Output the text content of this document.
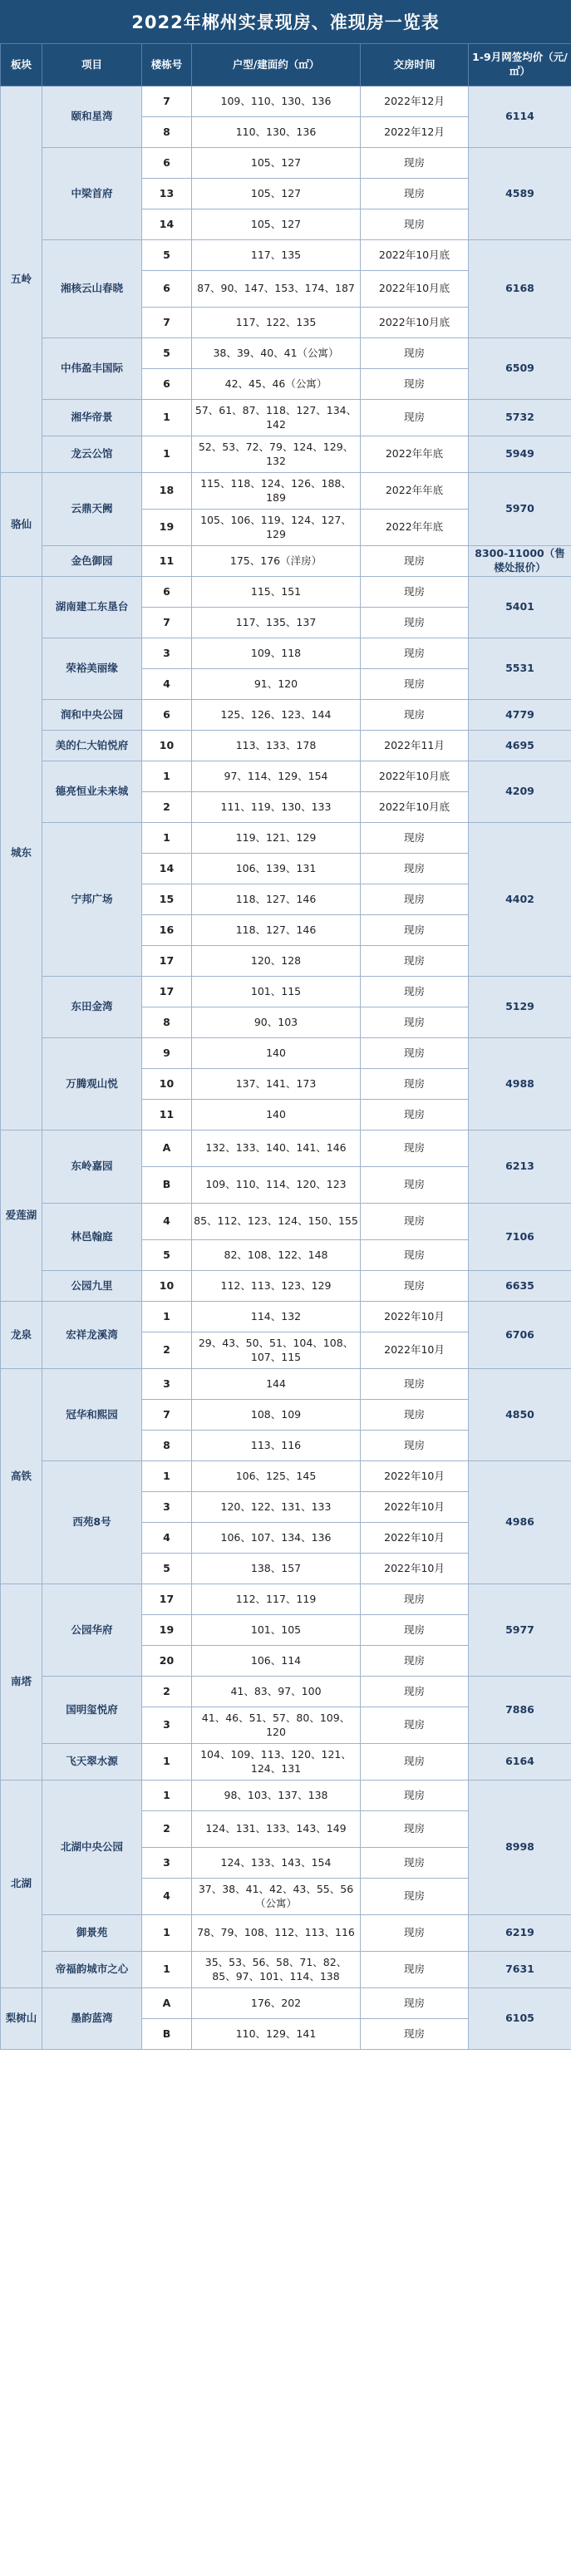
2022年郴州实景现房、准现房一览表
板块	项目	楼栋号	户型/建面约（㎡）	交房时间	1-9月网签均价（元/㎡）
五岭	颐和星湾	7	109、110、130、136	2022年12月	6114
		8	110、130、136	2022年12月	
	中梁首府	6	105、127	现房	4589
		13	105、127	现房	
		14	105、127	现房	
	湘核云山春晓	5	117、135	2022年10月底	6168
		6	87、90、147、153、174、187	2022年10月底	
		7	117、122、135	2022年10月底	
	中伟盈丰国际	5	38、39、40、41（公寓）	现房	6509
		6	42、45、46（公寓）	现房	
	湘华帝景	1	57、61、87、118、127、134、142	现房	5732
	龙云公馆	1	52、53、72、79、124、129、132	2022年年底	5949
骆仙	云鼎天阙	18	115、118、124、126、188、189	2022年年底	5970
		19	105、106、119、124、127、129	2022年年底	
	金色御园	11	175、176（洋房）	现房	8300-11000（售楼处报价）
城东	湖南建工东垦台	6	115、151	现房	5401
		7	117、135、137	现房	
	荣裕美丽缘	3	109、118	现房	5531
		4	91、120	现房	
	润和中央公园	6	125、126、123、144	现房	4779
	美的仁大铂悦府	10	113、133、178	2022年11月	4695
	德亮恒业未来城	1	97、114、129、154	2022年10月底	4209
		2	111、119、130、133	2022年10月底	
	宁邦广场	1	119、121、129	现房	4402
		14	106、139、131	现房	
		15	118、127、146	现房	
		16	118、127、146	现房	
		17	120、128	现房	
	东田金湾	17	101、115	现房	5129
		8	90、103	现房	
	万腾观山悦	9	140	现房	4988
		10	137、141、173	现房	
		11	140	现房	
爱莲湖	东岭嘉园	A	132、133、140、141、146	现房	6213
		B	109、110、114、120、123	现房	
	林邑翰庭	4	85、112、123、124、150、155	现房	7106
		5	82、108、122、148	现房	
	公园九里	10	112、113、123、129	现房	6635
龙泉	宏祥龙溪湾	1	114、132	2022年10月	6706
		2	29、43、50、51、104、108、107、115	2022年10月	
高铁	冠华和熙园	3	144	现房	4850
		7	108、109	现房	
		8	113、116	现房	
	西苑8号	1	106、125、145	2022年10月	4986
		3	120、122、131、133	2022年10月	
		4	106、107、134、136	2022年10月	
		5	138、157	2022年10月	
南塔	公园华府	17	112、117、119	现房	5977
		19	101、105	现房	
		20	106、114	现房	
	国明玺悦府	2	41、83、97、100	现房	7886
		3	41、46、51、57、80、109、120	现房	
	飞天翠水源	1	104、109、113、120、121、124、131	现房	6164
北湖	北湖中央公园	1	98、103、137、138	现房	8998
		2	124、131、133、143、149	现房	
		3	124、133、143、154	现房	
		4	37、38、41、42、43、55、56（公寓）	现房	
	御景苑	1	78、79、108、112、113、116	现房	6219
	帝福韵城市之心	1	35、53、56、58、71、82、85、97、101、114、138	现房	7631
梨树山	墨韵蓝湾	A	176、202	现房	6105
		B	110、129、141	现房	
